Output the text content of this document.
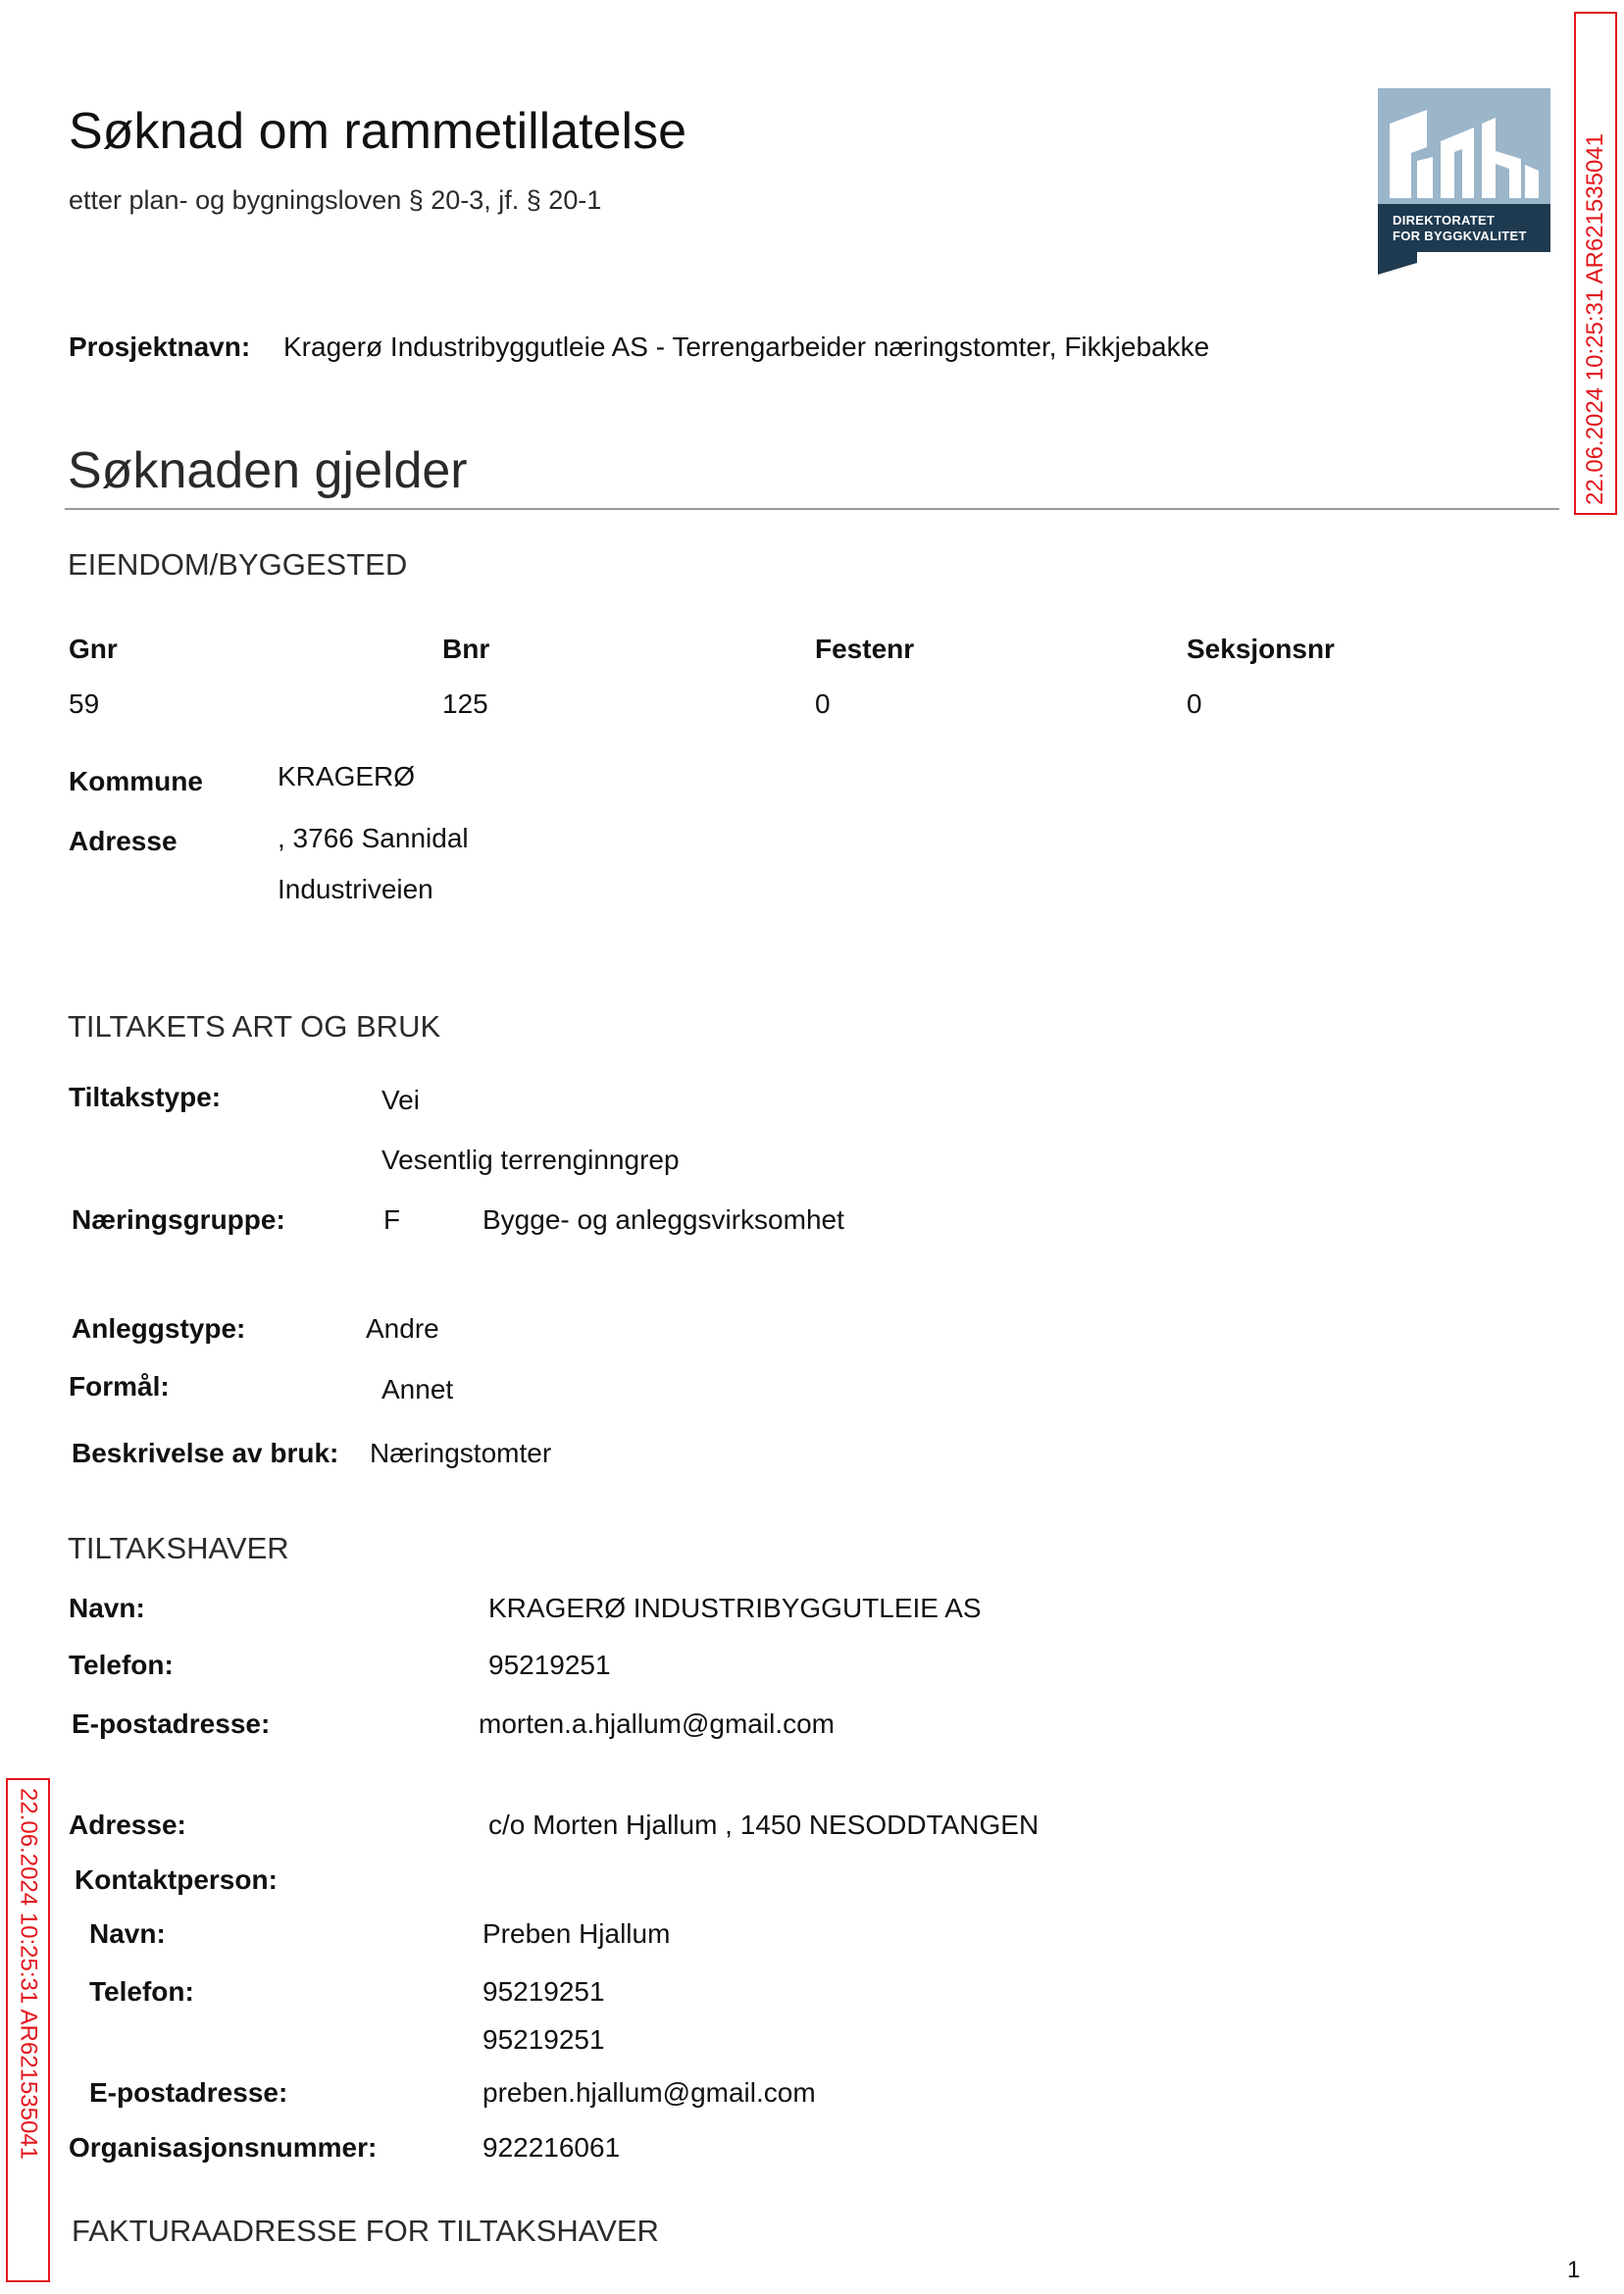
Søknad om rammetillatelse
etter plan- og bygningsloven § 20-3, jf. § 20-1
DIREKTORATET
FOR BYGGKVALITET 22.06.2024 10:25:31 AR621535041
Prosjektnavn: Kragerø Industribyggutleie AS - Terrengarbeider næringstomter, Fikkjebakke
Søknaden gjelder
EIENDOM/BYGGESTED
Gnr	Bnr	Festenr	Seksjonsnr
59	125	0	0
Kommune	KRAGERØ
Adresse	, 3766 Sannidal
Industriveien
TILTAKETS ART OG BRUK
Tiltakstype:	Vei
Vesentlig terrenginngrep
Næringsgruppe:	F	Bygge- og anleggsvirksomhet
Anleggstype:	Andre
Formål:	Annet
Beskrivelse av bruk: Næringstomter
TILTAKSHAVER
Navn:	KRAGERØ INDUSTRIBYGGUTLEIE AS
Telefon:	95219251
E-postadresse:	morten.a.hjallum@gmail.com
22.06.2024 10:25:31 AR621535041 Adresse:	c/o Morten Hjallum , 1450 NESODDTANGEN
Kontaktperson:
Navn:	Preben Hjallum
Telefon:	95219251
95219251
E-postadresse:	preben.hjallum@gmail.com
Organisasjonsnummer:	922216061
FAKTURAADRESSE FOR TILTAKSHAVER
1
